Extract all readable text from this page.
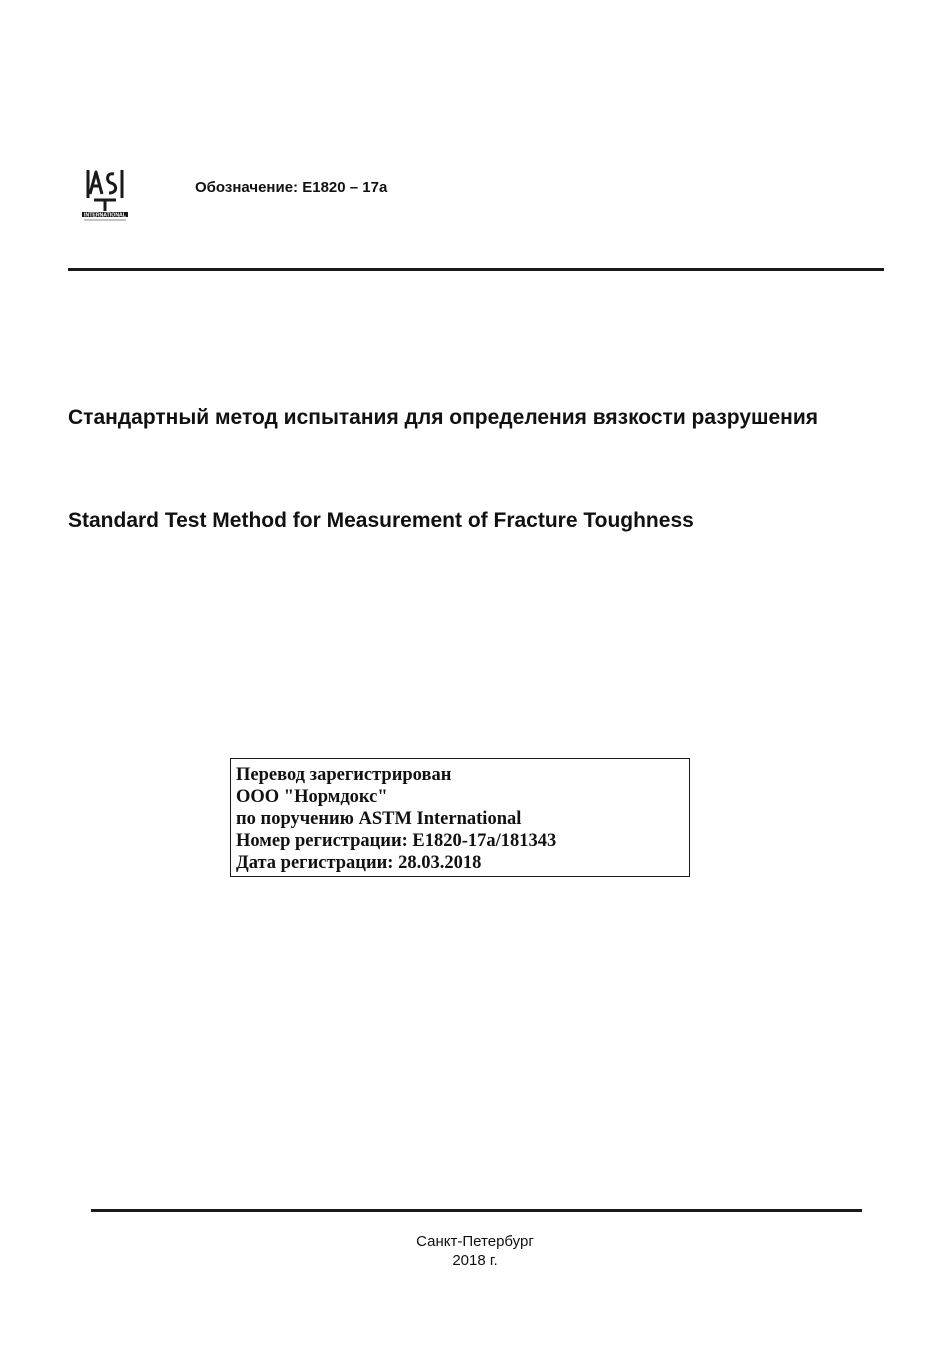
INTERNATIONAL
Обозначение: E1820 – 17a
Стандартный метод испытания для определения вязкости разрушения
Standard Test Method for Measurement of Fracture Toughness
Перевод зарегистрирован
ООО "Нормдокс"
по поручению ASTM International
Номер регистрации: E1820-17a/181343
Дата регистрации: 28.03.2018
Санкт-Петербург
2018 г.
